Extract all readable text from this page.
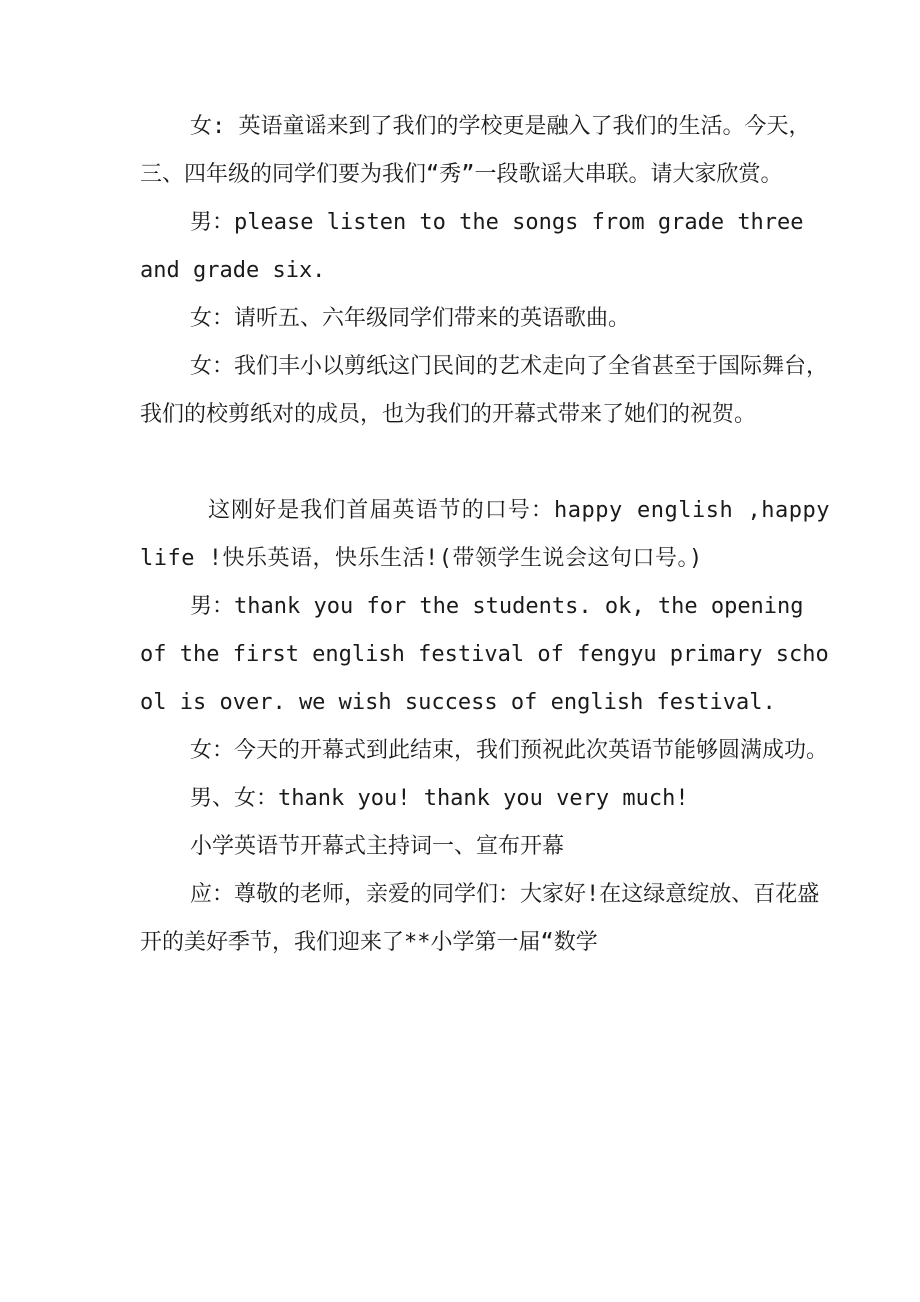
女: 英语童谣来到了我们的学校更是融入了我们的生活。今天，三、四年级的同学们要为我们“秀”一段歌谣大串联。请大家欣赏。

男：please listen to the songs from grade three and grade six.

女：请听五、六年级同学们带来的英语歌曲。

女：我们丰小以剪纸这门民间的艺术走向了全省甚至于国际舞台，我们的校剪纸对的成员，也为我们的开幕式带来了她们的祝贺。

这刚好是我们首届英语节的口号：happy english ,happy life !快乐英语，快乐生活!(带领学生说会这句口号。)

男：thank you for the students. ok, the opening of the first english festival of fengyu primary school is over. we wish success of english festival.

女：今天的开幕式到此结束，我们预祝此次英语节能够圆满成功。

男、女：thank you! thank you very much!

小学英语节开幕式主持词一、宣布开幕

应：尊敬的老师，亲爱的同学们：大家好!在这绿意绽放、百花盛开的美好季节，我们迎来了**小学第一届“数学
